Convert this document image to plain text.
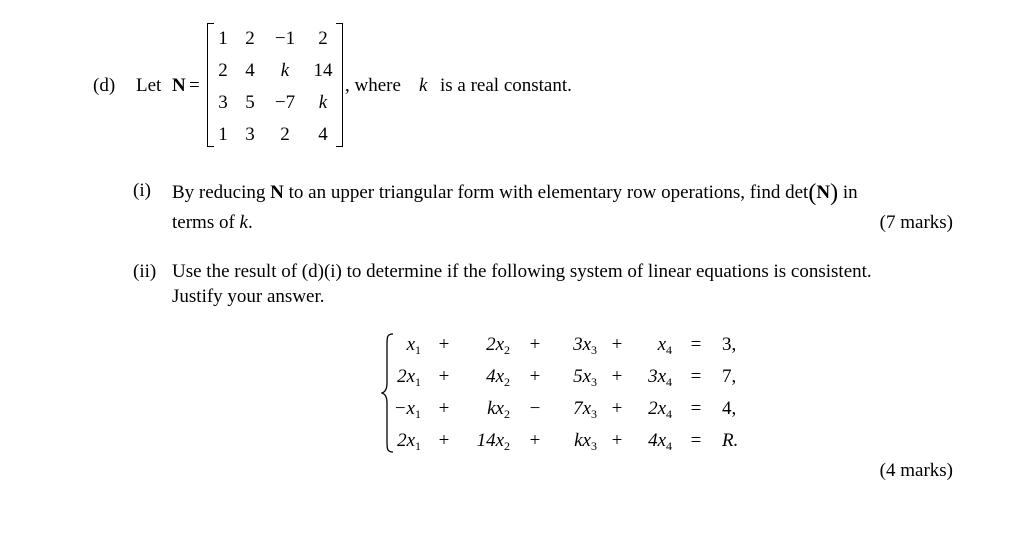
(d) Let N =
1 2	−1	2
2 4	k	14
3 5	−7	k
1 3	2	4
, where k is a real constant.
(i) By reducing N to an upper triangular form with elementary row operations, find det(N) in
terms of k.	(7 marks)
(ii) Use the result of (d)(i) to determine if the following system of linear equations is consistent.
Justify your answer.
$x_1$ +	$2x_2$ +	$3x_3$ +	$x_4 = 3$,
$2x_1$ +	$4x_2$ +	$5x_3$ +	$3x_4 = 7$,
$-x_1$ +	$kx_2$ −	$7x_3$ +	$2x_4 = 4$,
$2x_1$ +	$14x_2$ +	$kx_3$ +	$4x_4 = R$.
(4 marks)
